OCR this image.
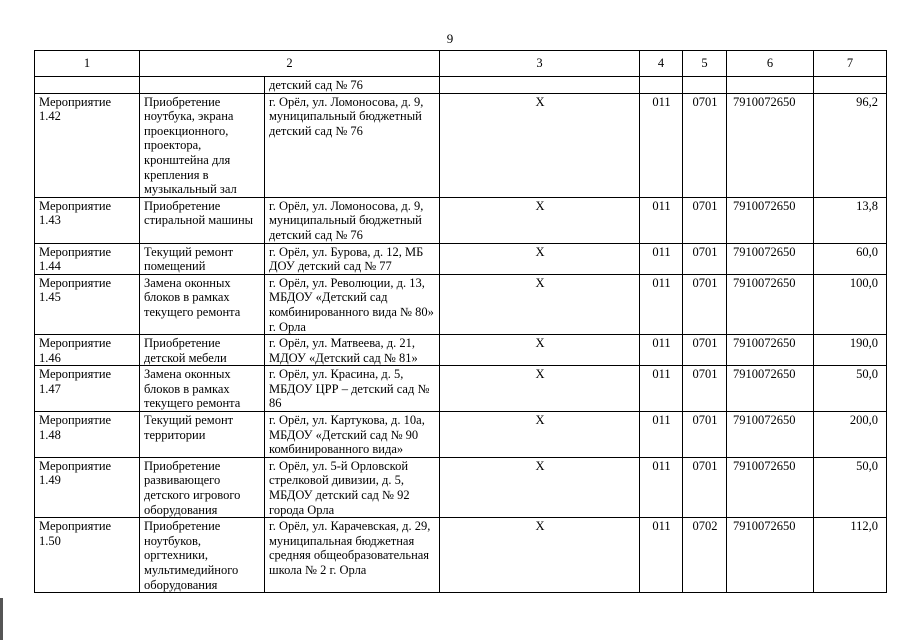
9
1	2		3	4	5	6	7
		детский сад № 76					
Мероприятие 1.42	Приобретение ноутбука, экрана проекционного, проектора, кронштейна для крепления в музыкальный зал	г. Орёл, ул. Ломоносова, д. 9, муниципальный бюджетный детский сад № 76	Х	011	0701	7910072650	96,2
Мероприятие 1.43	Приобретение стиральной машины	г. Орёл, ул. Ломоносова, д. 9, муниципальный бюджетный детский сад № 76	Х	011	0701	7910072650	13,8
Мероприятие 1.44	Текущий ремонт помещений	г. Орёл, ул. Бурова, д. 12, МБ ДОУ детский сад № 77	Х	011	0701	7910072650	60,0
Мероприятие 1.45	Замена оконных блоков в рамках текущего ремонта	г. Орёл, ул. Революции, д. 13, МБДОУ «Детский сад комбинированного вида № 80» г. Орла	Х	011	0701	7910072650	100,0
Мероприятие 1.46	Приобретение детской мебели	г. Орёл, ул. Матвеева, д. 21, МДОУ «Детский сад № 81»	Х	011	0701	7910072650	190,0
Мероприятие 1.47	Замена оконных блоков в рамках текущего ремонта	г. Орёл, ул. Красина, д. 5, МБДОУ ЦРР – детский сад № 86	Х	011	0701	7910072650	50,0
Мероприятие 1.48	Текущий ремонт территории	г. Орёл, ул. Картукова, д. 10а, МБДОУ «Детский сад № 90 комбинированного вида»	Х	011	0701	7910072650	200,0
Мероприятие 1.49	Приобретение развивающего детского игрового оборудования	г. Орёл, ул. 5-й Орловской стрелковой дивизии, д. 5, МБДОУ детский сад № 92 города Орла	Х	011	0701	7910072650	50,0
Мероприятие 1.50	Приобретение ноутбуков, оргтехники, мультимедийного оборудования	г. Орёл, ул. Карачевская, д. 29, муниципальная бюджетная средняя общеобразовательная школа № 2 г. Орла	Х	011	0702	7910072650	112,0
